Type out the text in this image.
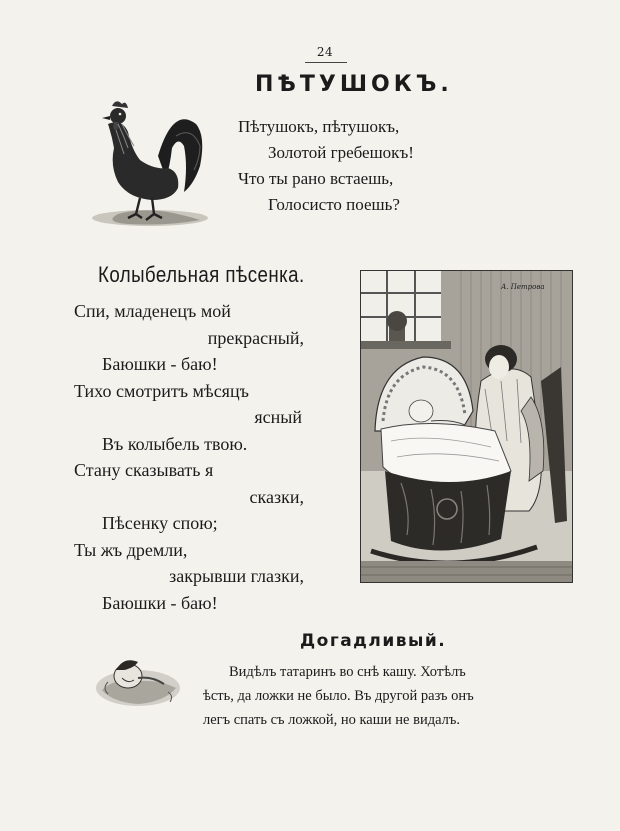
24
ПѢТУШОКЪ.
Пѣтушокъ, пѣтушокъ,
Золотой гребешокъ!
Что ты рано встаешь,
Голосисто поешь?
Колыбельная пѣсенка.
Спи, младенецъ мой
прекрасный,
Баюшки - баю!
Тихо смотритъ мѣсяцъ
ясный
Въ колыбель твою.
Стану сказывать я
сказки,
Пѣсенку спою;
Ты жъ дремли,
закрывши глазки,
Баюшки - баю!
А. Петрова
Догадливый.
Видѣлъ татаринъ во снѣ кашу. Хотѣлъ
ѣсть, да ложки не было. Въ другой разъ онъ
легъ спать съ ложкой, но каши не видалъ.
